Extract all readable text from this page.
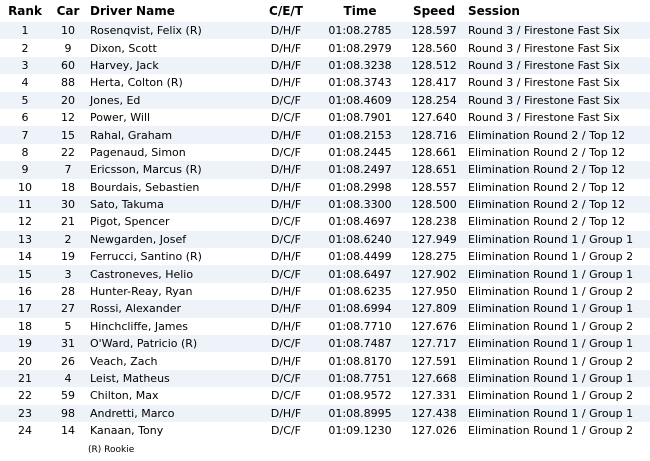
Rank	Car	Driver Name	C/E/T	Time	Speed	Session
1	10	Rosenqvist, Felix (R)	D/H/F	01:08.2785	128.597	Round 3 / Firestone Fast Six
2	9	Dixon, Scott	D/H/F	01:08.2979	128.560	Round 3 / Firestone Fast Six
3	60	Harvey, Jack	D/H/F	01:08.3238	128.512	Round 3 / Firestone Fast Six
4	88	Herta, Colton (R)	D/H/F	01:08.3743	128.417	Round 3 / Firestone Fast Six
5	20	Jones, Ed	D/C/F	01:08.4609	128.254	Round 3 / Firestone Fast Six
6	12	Power, Will	D/C/F	01:08.7901	127.640	Round 3 / Firestone Fast Six
7	15	Rahal, Graham	D/H/F	01:08.2153	128.716	Elimination Round 2 / Top 12
8	22	Pagenaud, Simon	D/C/F	01:08.2445	128.661	Elimination Round 2 / Top 12
9	7	Ericsson, Marcus (R)	D/H/F	01:08.2497	128.651	Elimination Round 2 / Top 12
10	18	Bourdais, Sebastien	D/H/F	01:08.2998	128.557	Elimination Round 2 / Top 12
11	30	Sato, Takuma	D/H/F	01:08.3300	128.500	Elimination Round 2 / Top 12
12	21	Pigot, Spencer	D/C/F	01:08.4697	128.238	Elimination Round 2 / Top 12
13	2	Newgarden, Josef	D/C/F	01:08.6240	127.949	Elimination Round 1 / Group 1
14	19	Ferrucci, Santino (R)	D/H/F	01:08.4499	128.275	Elimination Round 1 / Group 2
15	3	Castroneves, Helio	D/C/F	01:08.6497	127.902	Elimination Round 1 / Group 1
16	28	Hunter-Reay, Ryan	D/H/F	01:08.6235	127.950	Elimination Round 1 / Group 2
17	27	Rossi, Alexander	D/H/F	01:08.6994	127.809	Elimination Round 1 / Group 1
18	5	Hinchcliffe, James	D/H/F	01:08.7710	127.676	Elimination Round 1 / Group 2
19	31	O'Ward, Patricio (R)	D/C/F	01:08.7487	127.717	Elimination Round 1 / Group 1
20	26	Veach, Zach	D/H/F	01:08.8170	127.591	Elimination Round 1 / Group 2
21	4	Leist, Matheus	D/C/F	01:08.7751	127.668	Elimination Round 1 / Group 1
22	59	Chilton, Max	D/C/F	01:08.9572	127.331	Elimination Round 1 / Group 2
23	98	Andretti, Marco	D/H/F	01:08.8995	127.438	Elimination Round 1 / Group 1
24	14	Kanaan, Tony	D/C/F	01:09.1230	127.026	Elimination Round 1 / Group 2
(R) Rookie
